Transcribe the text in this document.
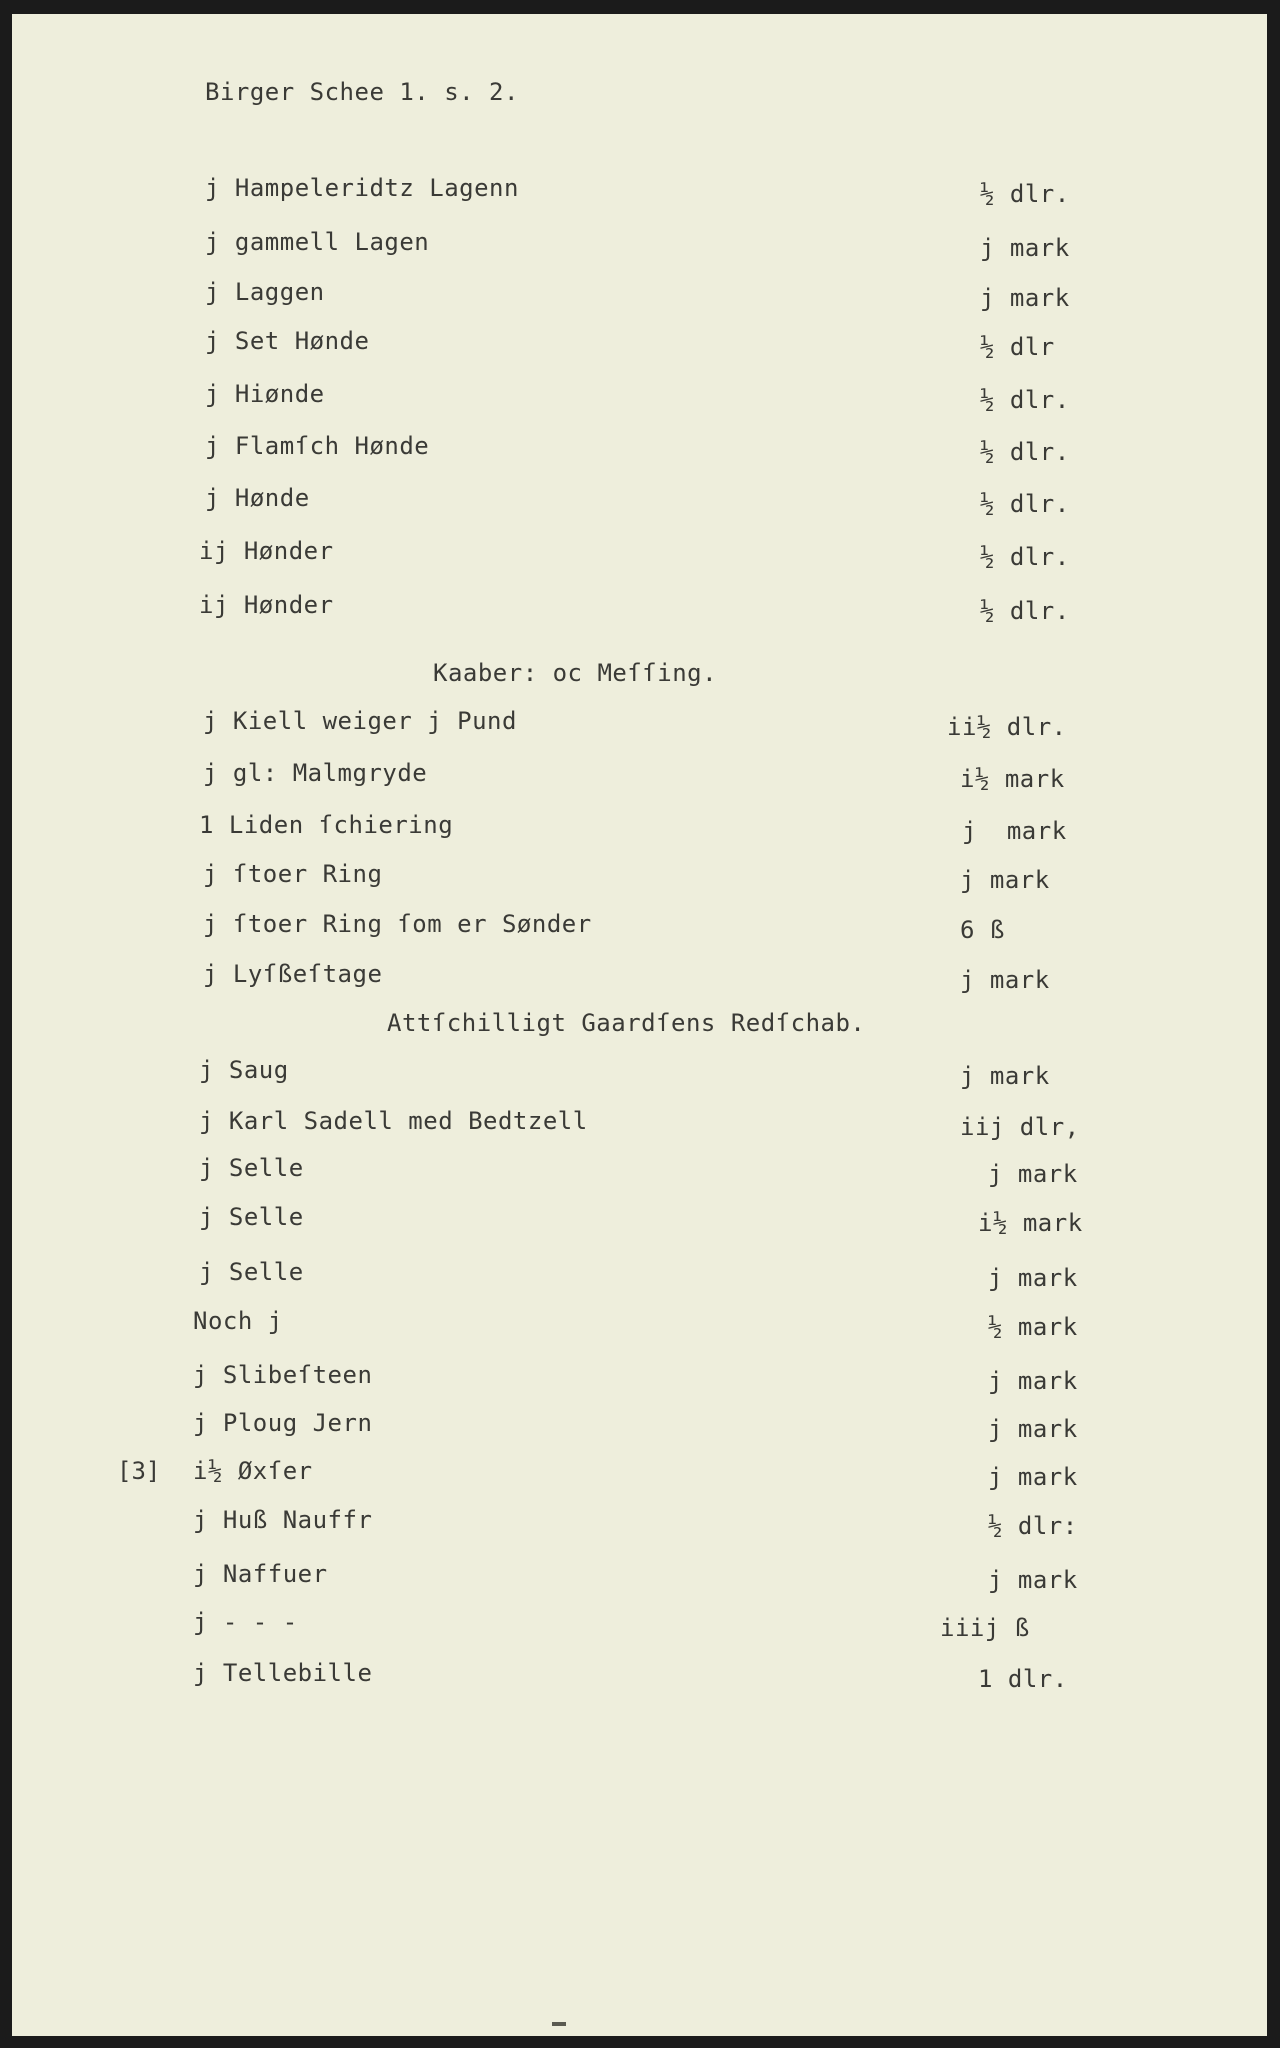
Birger Schee 1. s. 2.
j Hampeleridtz Lagenn	½ dlr.
j gammell Lagen	j mark
j Laggen	j mark
j Set Hønde	½ dlr
j Hiønde	½ dlr.
j Flamſch Hønde	½ dlr.
j Hønde	½ dlr.
ij Hønder	½ dlr.
ij Hønder	½ dlr.
Kaaber: oc Meſſing.
j Kiell weiger j Pund	ii½ dlr.
j gl: Malmgryde	i½ mark
1 Liden ſchiering	j  mark
j ſtoer Ring	j mark
j ſtoer Ring ſom er Sønder	6 ß
j Lyſßeſtage	j mark
Attſchilligt Gaardſens Redſchab.
j Saug	j mark
j Karl Sadell med Bedtzell	iij dlr,
j Selle	j mark
j Selle	i½ mark
j Selle	j mark
Noch j	½ mark
j Slibeſteen	j mark
j Ploug Jern	j mark
[3] i½ Øxſer	j mark
j Huß Nauffr	½ dlr:
j Naffuer	j mark
j - - -	iiij ß
j Tellebille	1 dlr.
